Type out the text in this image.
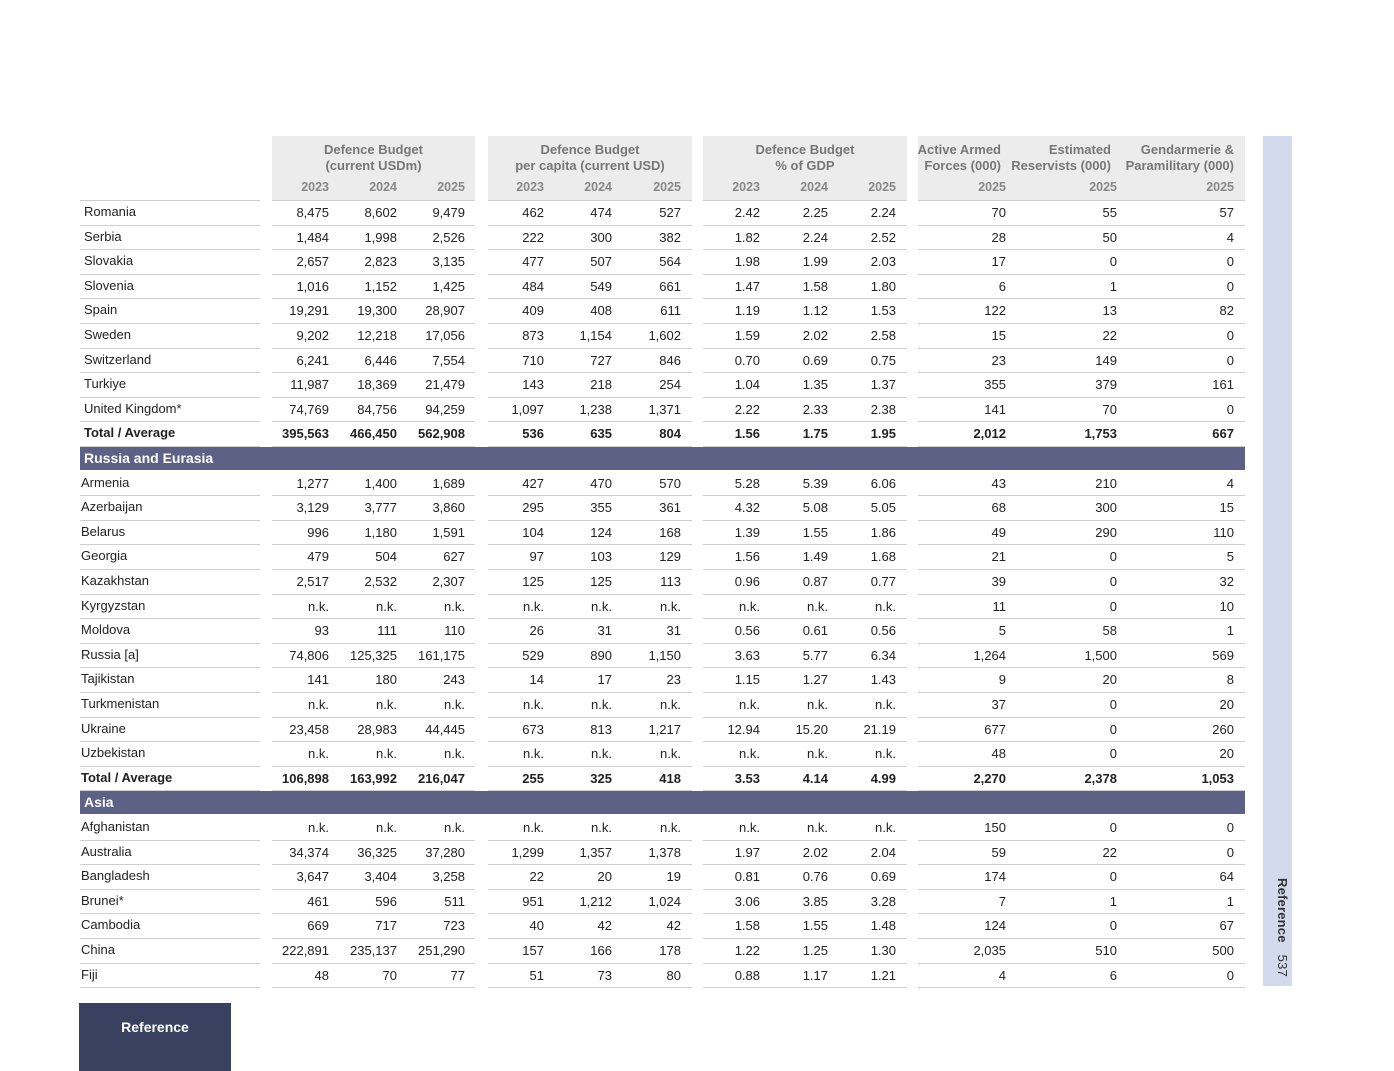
Defence Budget
(current USDm)
Defence Budget
per capita (current USD)
Defence Budget
% of GDP
Active Armed
Forces (000)
Estimated
Reservists (000)
Gendarmerie &
Paramilitary (000)
2023	2024	2025	2023	2024	2025	2023	2024	2025	2025	2025	2025
Romania	8,475	8,602	9,479	462	474	527	2.42	2.25	2.24	70	55	57
Serbia	1,484	1,998	2,526	222	300	382	1.82	2.24	2.52	28	50	4
Slovakia	2,657	2,823	3,135	477	507	564	1.98	1.99	2.03	17	0	0
Slovenia	1,016	1,152	1,425	484	549	661	1.47	1.58	1.80	6	1	0
Spain	19,291	19,300	28,907	409	408	611	1.19	1.12	1.53	122	13	82
Sweden	9,202	12,218	17,056	873	1,154	1,602	1.59	2.02	2.58	15	22	0
Switzerland	6,241	6,446	7,554	710	727	846	0.70	0.69	0.75	23	149	0
Turkiye	11,987	18,369	21,479	143	218	254	1.04	1.35	1.37	355	379	161
United Kingdom*	74,769	84,756	94,259	1,097	1,238	1,371	2.22	2.33	2.38	141	70	0
Total / Average	395,563	466,450	562,908	536	635	804	1.56	1.75	1.95	2,012	1,753	667
Russia and Eurasia
Armenia	1,277	1,400	1,689	427	470	570	5.28	5.39	6.06	43	210	4
Azerbaijan	3,129	3,777	3,860	295	355	361	4.32	5.08	5.05	68	300	15
Belarus	996	1,180	1,591	104	124	168	1.39	1.55	1.86	49	290	110
Georgia	479	504	627	97	103	129	1.56	1.49	1.68	21	0	5
Kazakhstan	2,517	2,532	2,307	125	125	113	0.96	0.87	0.77	39	0	32
Kyrgyzstan	n.k.	n.k.	n.k.	n.k.	n.k.	n.k.	n.k.	n.k.	n.k.	11	0	10
Moldova	93	111	110	26	31	31	0.56	0.61	0.56	5	58	1
Russia [a]	74,806	125,325	161,175	529	890	1,150	3.63	5.77	6.34	1,264	1,500	569
Tajikistan	141	180	243	14	17	23	1.15	1.27	1.43	9	20	8
Turkmenistan	n.k.	n.k.	n.k.	n.k.	n.k.	n.k.	n.k.	n.k.	n.k.	37	0	20
Ukraine	23,458	28,983	44,445	673	813	1,217	12.94	15.20	21.19	677	0	260
Uzbekistan	n.k.	n.k.	n.k.	n.k.	n.k.	n.k.	n.k.	n.k.	n.k.	48	0	20
Total / Average	106,898	163,992	216,047	255	325	418	3.53	4.14	4.99	2,270	2,378	1,053
Asia
Afghanistan	n.k.	n.k.	n.k.	n.k.	n.k.	n.k.	n.k.	n.k.	n.k.	150	0	0
Australia	34,374	36,325	37,280	1,299	1,357	1,378	1.97	2.02	2.04	59	22	0
Bangladesh	3,647	3,404	3,258	22	20	19	0.81	0.76	0.69	174	0	64
Brunei*	461	596	511	951	1,212	1,024	3.06	3.85	3.28	7	1	1
Cambodia	669	717	723	40	42	42	1.58	1.55	1.48	124	0	67
China	222,891	235,137	251,290	157	166	178	1.22	1.25	1.30	2,035	510	500
Fiji	48	70	77	51	73	80	0.88	1.17	1.21	4	6	0
Reference537
Reference
